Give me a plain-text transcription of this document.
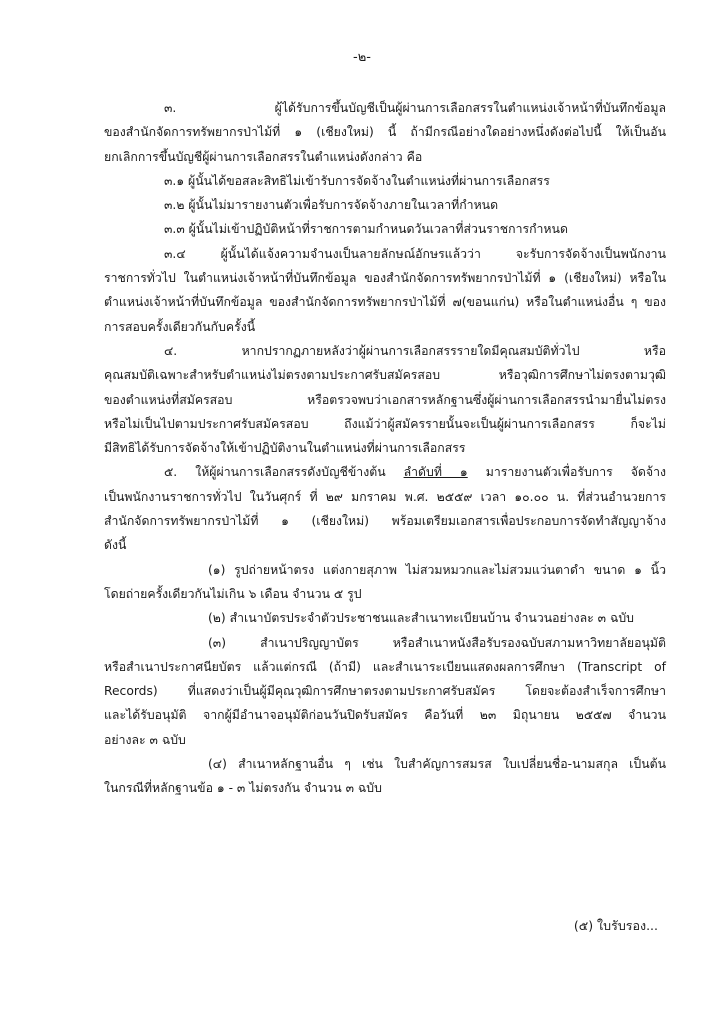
-๒-

๓. ผู้ได้รับการขึ้นบัญชีเป็นผู้ผ่านการเลือกสรรในตำแหน่งเจ้าหน้าที่บันทึกข้อมูล

ของสำนักจัดการทรัพยากรป่าไม้ที่ ๑ (เชียงใหม่) นี้ ถ้ามีกรณีอย่างใดอย่างหนึ่งดังต่อไปนี้ ให้เป็นอัน

ยกเลิกการขึ้นบัญชีผู้ผ่านการเลือกสรรในตำแหน่งดังกล่าว คือ

๓.๑ ผู้นั้นได้ขอสละสิทธิไม่เข้ารับการจัดจ้างในตำแหน่งที่ผ่านการเลือกสรร

๓.๒ ผู้นั้นไม่มารายงานตัวเพื่อรับการจัดจ้างภายในเวลาที่กำหนด

๓.๓ ผู้นั้นไม่เข้าปฏิบัติหน้าที่ราชการตามกำหนดวันเวลาที่ส่วนราชการกำหนด

๓.๔ ผู้นั้นได้แจ้งความจำนงเป็นลายลักษณ์อักษรแล้วว่า จะรับการจัดจ้างเป็นพนักงาน

ราชการทั่วไป ในตำแหน่งเจ้าหน้าที่บันทึกข้อมูล ของสำนักจัดการทรัพยากรป่าไม้ที่ ๑ (เชียงใหม่) หรือใน

ตำแหน่งเจ้าหน้าที่บันทึกข้อมูล ของสำนักจัดการทรัพยากรป่าไม้ที่ ๗(ขอนแก่น) หรือในตำแหน่งอื่น ๆ ของ

การสอบครั้งเดียวกันกับครั้งนี้

๔. หากปรากฏภายหลังว่าผู้ผ่านการเลือกสรรรายใดมีคุณสมบัติทั่วไป หรือ

คุณสมบัติเฉพาะสำหรับตำแหน่งไม่ตรงตามประกาศรับสมัครสอบ หรือวุฒิการศึกษาไม่ตรงตามวุฒิ

ของตำแหน่งที่สมัครสอบ หรือตรวจพบว่าเอกสารหลักฐานซึ่งผู้ผ่านการเลือกสรรนำมายื่นไม่ตรง

หรือไม่เป็นไปตามประกาศรับสมัครสอบ ถึงแม้ว่าผู้สมัครรายนั้นจะเป็นผู้ผ่านการเลือกสรร ก็จะไม่

มีสิทธิได้รับการจัดจ้างให้เข้าปฏิบัติงานในตำแหน่งที่ผ่านการเลือกสรร

๕. ให้ผู้ผ่านการเลือกสรรดังบัญชีข้างต้น ลำดับที่ ๑ มารายงานตัวเพื่อรับการ จัดจ้าง

เป็นพนักงานราชการทั่วไป ในวันศุกร์ ที่ ๒๙ มกราคม พ.ศ. ๒๕๕๙ เวลา ๑๐.๐๐ น. ที่ส่วนอำนวยการ

สำนักจัดการทรัพยากรป่าไม้ที่ ๑ (เชียงใหม่) พร้อมเตรียมเอกสารเพื่อประกอบการจัดทำสัญญาจ้าง

ดังนี้

(๑) รูปถ่ายหน้าตรง แต่งกายสุภาพ ไม่สวมหมวกและไม่สวมแว่นตาดำ ขนาด ๑ นิ้ว

โดยถ่ายครั้งเดียวกันไม่เกิน ๖ เดือน จำนวน ๕ รูป

(๒) สำเนาบัตรประจำตัวประชาชนและสำเนาทะเบียนบ้าน จำนวนอย่างละ ๓ ฉบับ

(๓) สำเนาปริญญาบัตร หรือสำเนาหนังสือรับรองฉบับสภามหาวิทยาลัยอนุมัติ

หรือสำเนาประกาศนียบัตร แล้วแต่กรณี (ถ้ามี) และสำเนาระเบียนแสดงผลการศึกษา (Transcript of

Records) ที่แสดงว่าเป็นผู้มีคุณวุฒิการศึกษาตรงตามประกาศรับสมัคร โดยจะต้องสำเร็จการศึกษา

และได้รับอนุมัติ จากผู้มีอำนาจอนุมัติก่อนวันปิดรับสมัคร คือวันที่ ๒๓ มิถุนายน ๒๕๕๗ จำนวน

อย่างละ ๓ ฉบับ

(๔) สำเนาหลักฐานอื่น ๆ เช่น ใบสำคัญการสมรส ใบเปลี่ยนชื่อ-นามสกุล เป็นต้น

ในกรณีที่หลักฐานข้อ ๑ - ๓ ไม่ตรงกัน จำนวน ๓ ฉบับ

(๕) ใบรับรอง...
